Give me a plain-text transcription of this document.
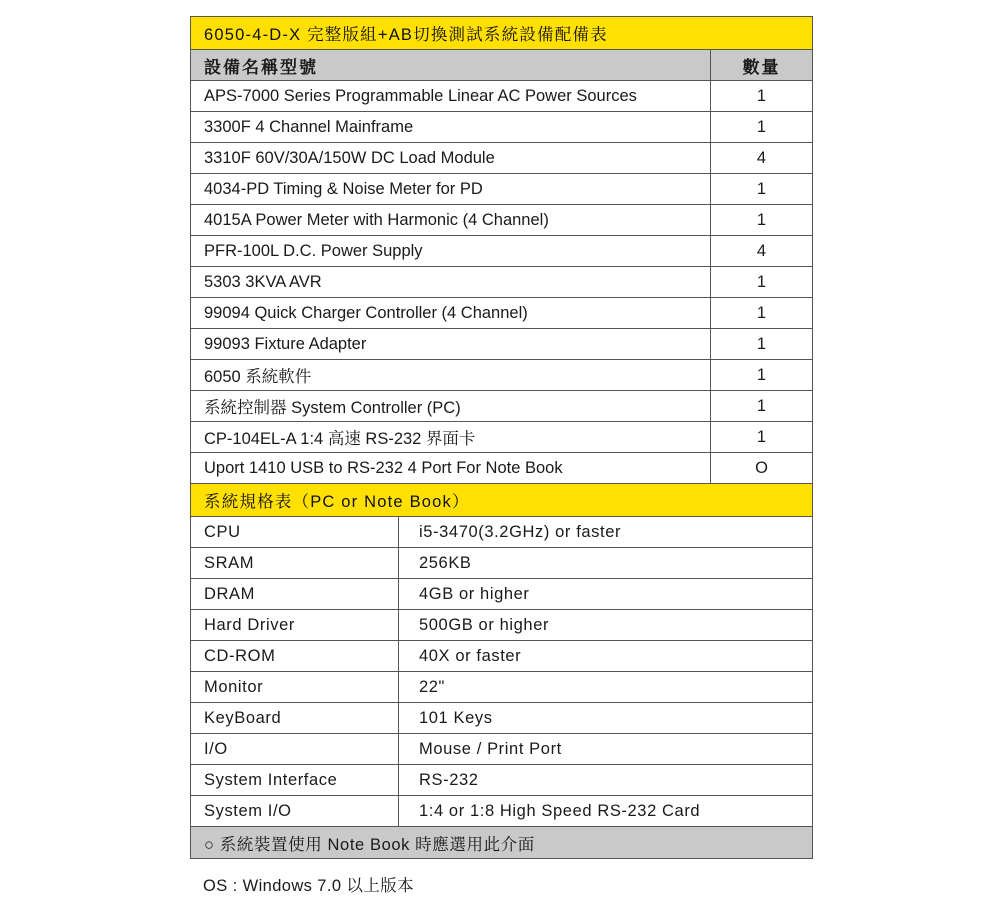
6050-4-D-X 完整版組+AB切換測試系統設備配備表
設備名稱型號	數量
APS-7000 Series Programmable Linear AC Power Sources	1
3300F 4 Channel Mainframe	1
3310F 60V/30A/150W DC Load Module	4
4034-PD Timing & Noise Meter for PD	1
4015A Power Meter with Harmonic (4 Channel)	1
PFR-100L D.C. Power Supply	4
5303 3KVA AVR	1
99094 Quick Charger Controller (4 Channel)	1
99093 Fixture Adapter	1
6050 系統軟件	1
系統控制器 System Controller (PC)	1
CP-104EL-A 1:4 高速 RS-232 界面卡	1
Uport 1410 USB to RS-232 4 Port For Note Book	O
系統規格表（PC or Note Book）
CPU	i5-3470(3.2GHz) or faster
SRAM	256KB
DRAM	4GB or higher
Hard Driver	500GB or higher
CD-ROM	40X or faster
Monitor	22"
KeyBoard	101 Keys
I/O	Mouse / Print Port
System Interface	RS-232
System I/O	1:4 or 1:8 High Speed RS-232 Card
○ 系統裝置使用 Note Book 時應選用此介面
OS : Windows 7.0 以上版本
